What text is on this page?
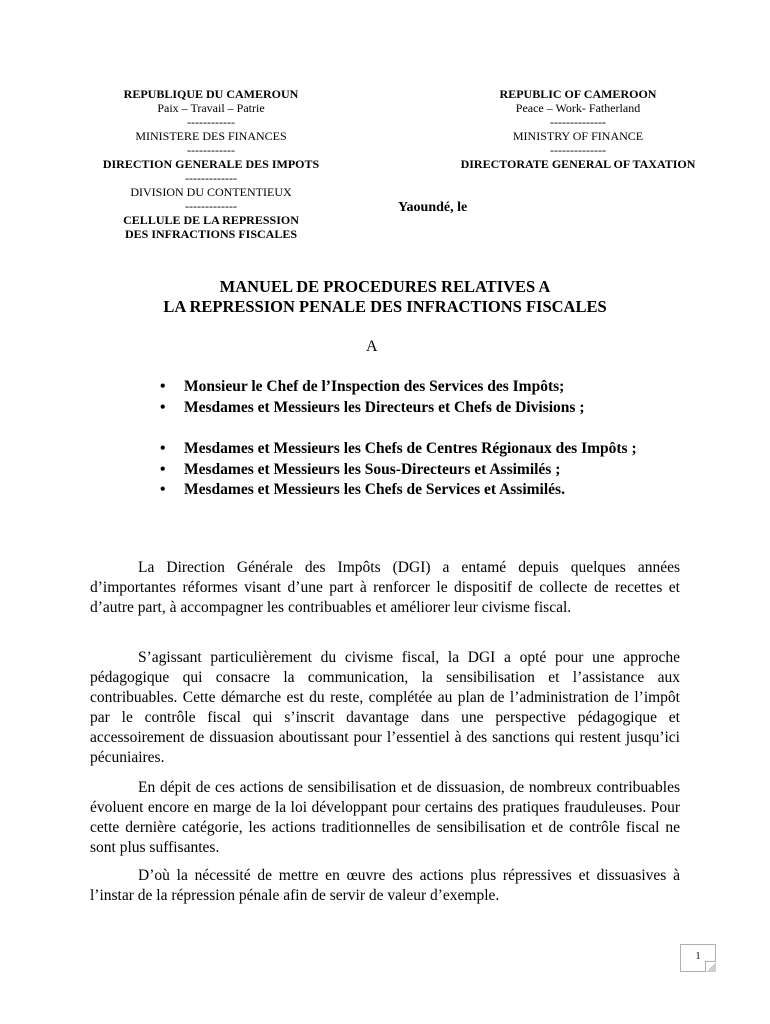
REPUBLIQUE DU CAMEROUN
Paix – Travail – Patrie
------------
MINISTERE DES FINANCES
------------
DIRECTION GENERALE DES IMPOTS
-------------
DIVISION DU CONTENTIEUX
-------------
CELLULE DE LA REPRESSION
DES INFRACTIONS FISCALES
REPUBLIC OF CAMEROON
Peace – Work- Fatherland
--------------
MINISTRY OF FINANCE
--------------
DIRECTORATE GENERAL OF TAXATION
Yaoundé, le
MANUEL DE PROCEDURES RELATIVES A
LA REPRESSION PENALE DES INFRACTIONS FISCALES
A
• Monsieur le Chef de l’Inspection des Services des Impôts;
• Mesdames et Messieurs les Directeurs et Chefs de Divisions ;
• Mesdames et Messieurs les Chefs de Centres Régionaux des Impôts ;
• Mesdames et Messieurs les Sous-Directeurs et Assimilés ;
• Mesdames et Messieurs les Chefs de Services et Assimilés.

La Direction Générale des Impôts (DGI) a entamé depuis quelques années d’importantes réformes visant d’une part à renforcer le dispositif de collecte de recettes et d’autre part, à accompagner les contribuables et améliorer leur civisme fiscal.

S’agissant particulièrement du civisme fiscal, la DGI a opté pour une approche pédagogique qui consacre la communication, la sensibilisation et l’assistance aux contribuables. Cette démarche est du reste, complétée au plan de l’administration de l’impôt par le contrôle fiscal qui s’inscrit davantage dans une perspective pédagogique et accessoirement de dissuasion aboutissant pour l’essentiel à des sanctions qui restent jusqu’ici pécuniaires.

En dépit de ces actions de sensibilisation et de dissuasion, de nombreux contribuables évoluent encore en marge de la loi développant pour certains des pratiques frauduleuses. Pour cette dernière catégorie, les actions traditionnelles de sensibilisation et de contrôle fiscal ne sont plus suffisantes.

D’où la nécessité de mettre en œuvre des actions plus répressives et dissuasives à l’instar de la répression pénale afin de servir de valeur d’exemple.

1
